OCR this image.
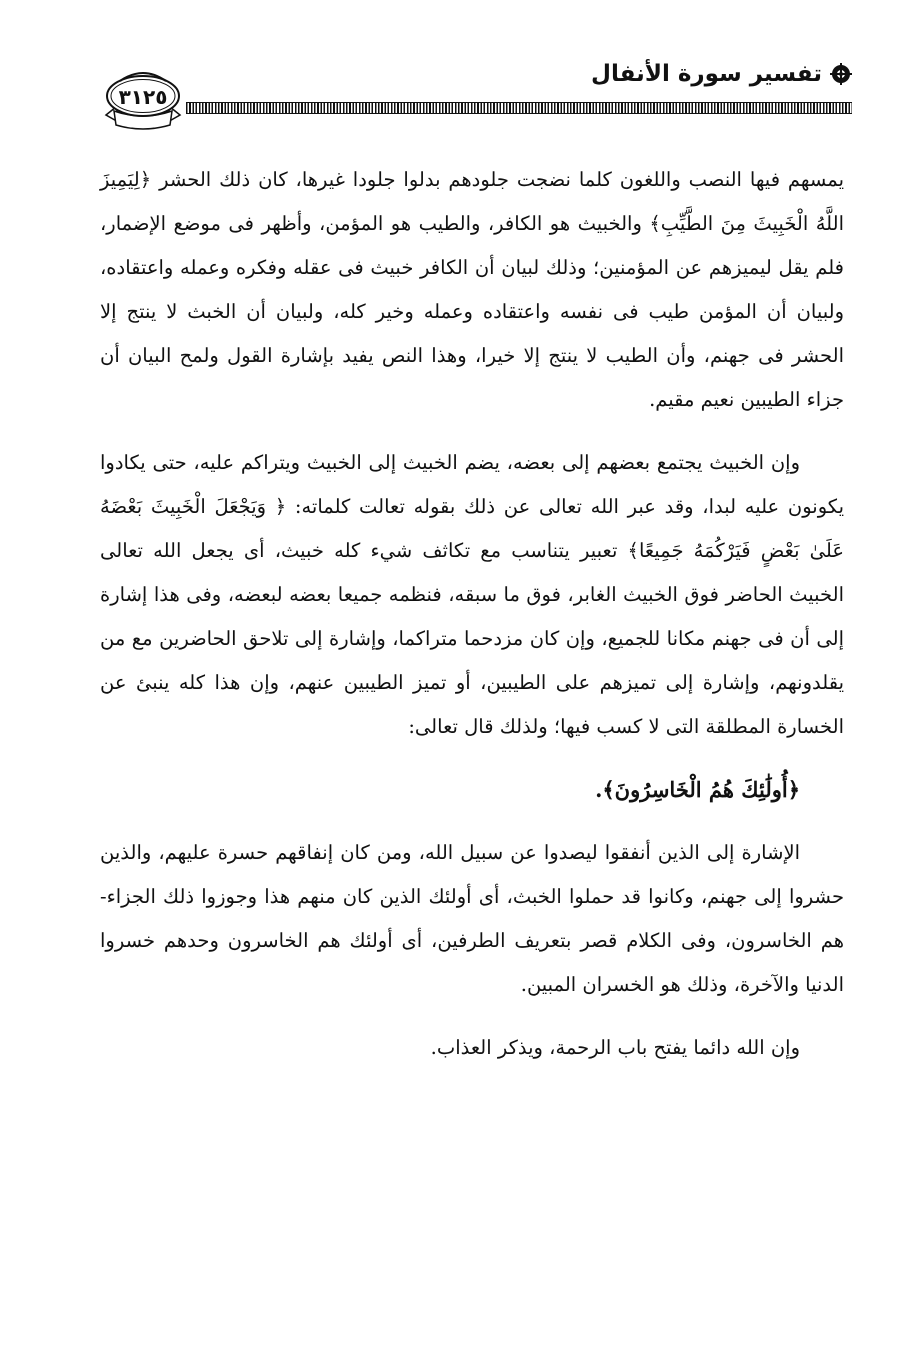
تفسير سورة الأنفال
٣١٢٥

يمسهم فيها النصب واللغون كلما نضجت جلودهم بدلوا جلودا غيرها، كان ذلك الحشر ﴿لِيَمِيزَ اللَّهُ الْخَبِيثَ مِنَ الطَّيِّبِ﴾ والخبيث هو الكافر، والطيب هو المؤمن، وأظهر فى موضع الإضمار، فلم يقل ليميزهم عن المؤمنين؛ وذلك لبيان أن الكافر خبيث فى عقله وفكره وعمله واعتقاده، ولبيان أن المؤمن طيب فى نفسه واعتقاده وعمله وخير كله، ولبيان أن الخبث لا ينتج إلا الحشر فى جهنم، وأن الطيب لا ينتج إلا خيرا، وهذا النص يفيد بإشارة القول ولمح البيان أن جزاء الطيبين نعيم مقيم.

وإن الخبيث يجتمع بعضهم إلى بعضه، يضم الخبيث إلى الخبيث ويتراكم عليه، حتى يكادوا يكونون عليه لبدا، وقد عبر الله تعالى عن ذلك بقوله تعالت كلماته: ﴿ وَيَجْعَلَ الْخَبِيثَ بَعْضَهُ عَلَىٰ بَعْضٍ فَيَرْكُمَهُ جَمِيعًا﴾ تعبير يتناسب مع تكاثف شيء كله خبيث، أى يجعل الله تعالى الخبيث الحاضر فوق الخبيث الغابر، فوق ما سبقه، فنظمه جميعا بعضه لبعضه، وفى هذا إشارة إلى أن فى جهنم مكانا للجميع، وإن كان مزدحما متراكما، وإشارة إلى تلاحق الحاضرين مع من يقلدونهم، وإشارة إلى تميزهم على الطيبين، أو تميز الطيبين عنهم، وإن هذا كله ينبئ عن الخسارة المطلقة التى لا كسب فيها؛ ولذلك قال تعالى:

﴿أُولَٰئِكَ هُمُ الْخَاسِرُونَ﴾.

الإشارة إلى الذين أنفقوا ليصدوا عن سبيل الله، ومن كان إنفاقهم حسرة عليهم، والذين حشروا إلى جهنم، وكانوا قد حملوا الخبث، أى أولئك الذين كان منهم هذا وجوزوا ذلك الجزاء- هم الخاسرون، وفى الكلام قصر بتعريف الطرفين، أى أولئك هم الخاسرون وحدهم خسروا الدنيا والآخرة، وذلك هو الخسران المبين.

وإن الله دائما يفتح باب الرحمة، ويذكر العذاب.
